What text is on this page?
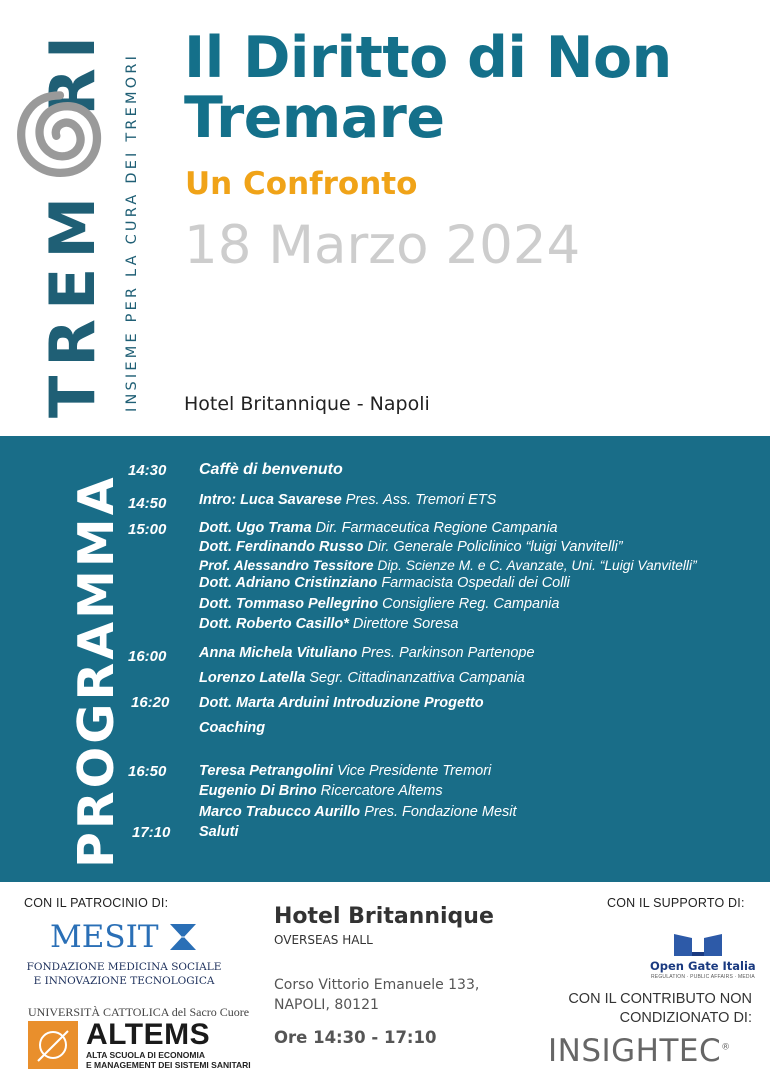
TREMRI INSIEME PER LA CURA DEI TREMORI Il Diritto di Non Tremare
Un Confronto
18 Marzo 2024
Hotel Britannique - Napoli
PROGRAMMA
14:30 Caffè di benvenuto
14:50 Intro: Luca Savarese Pres. Ass. Tremori ETS
15:00 Dott. Ugo Trama Dir. Farmaceutica Regione Campania
Dott. Ferdinando Russo Dir. Generale Policlinico “luigi Vanvitelli”
Prof. Alessandro Tessitore Dip. Scienze M. e C. Avanzate, Uni. “Luigi Vanvitelli”
Dott. Adriano Cristinziano Farmacista Ospedali dei Colli
Dott. Tommaso Pellegrino Consigliere Reg. Campania
Dott. Roberto Casillo* Direttore Soresa
16:00 Anna Michela Vituliano Pres. Parkinson Partenope
Lorenzo Latella Segr. Cittadinanzattiva Campania
16:20 Dott. Marta Arduini Introduzione Progetto
Coaching
16:50 Teresa Petrangolini Vice Presidente Tremori
Eugenio Di Brino Ricercatore Altems
Marco Trabucco Aurillo Pres. Fondazione Mesit
17:10 Saluti
CON IL PATROCINIO DI:
MESIT
FONDAZIONE MEDICINA SOCIALE
E INNOVAZIONE TECNOLOGICA
UNIVERSITÀ CATTOLICA del Sacro Cuore
ALTEMS
ALTA SCUOLA DI ECONOMIA
E MANAGEMENT DEI SISTEMI SANITARI
Hotel Britannique
OVERSEAS HALL
Corso Vittorio Emanuele 133,
NAPOLI, 80121
Ore 14:30 - 17:10
CON IL SUPPORTO DI:
Open Gate Italia
REGULATION · PUBLIC AFFAIRS · MEDIA
CON IL CONTRIBUTO NON
CONDIZIONATO DI:
INSIGHTEC®
